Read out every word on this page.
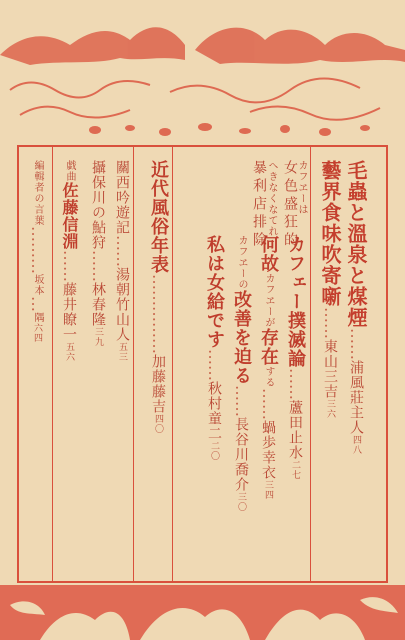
毛蟲と溫泉と煤煙……浦風莊主人四八
藝界食味吹寄噺……東山三吉三六
カフェー撲滅論……蘆田止水二七
何故カフヱーが存在する……蝸歩幸衣三四
カフヱーの改善を迫る……長谷川喬介三〇
私は女給です……秋村童二二〇
カフヱーは
女色盛狂的
へきなくなてれ
暴利店排除
近代風俗年表……………加藤藤吉四〇
關西吟遊記……湯朝竹山人五三
攝保川の鮎狩……林春隆三九
戯曲佐藤信淵……藤井瞭一五六
編輯者の言葉………坂本…隅六四
